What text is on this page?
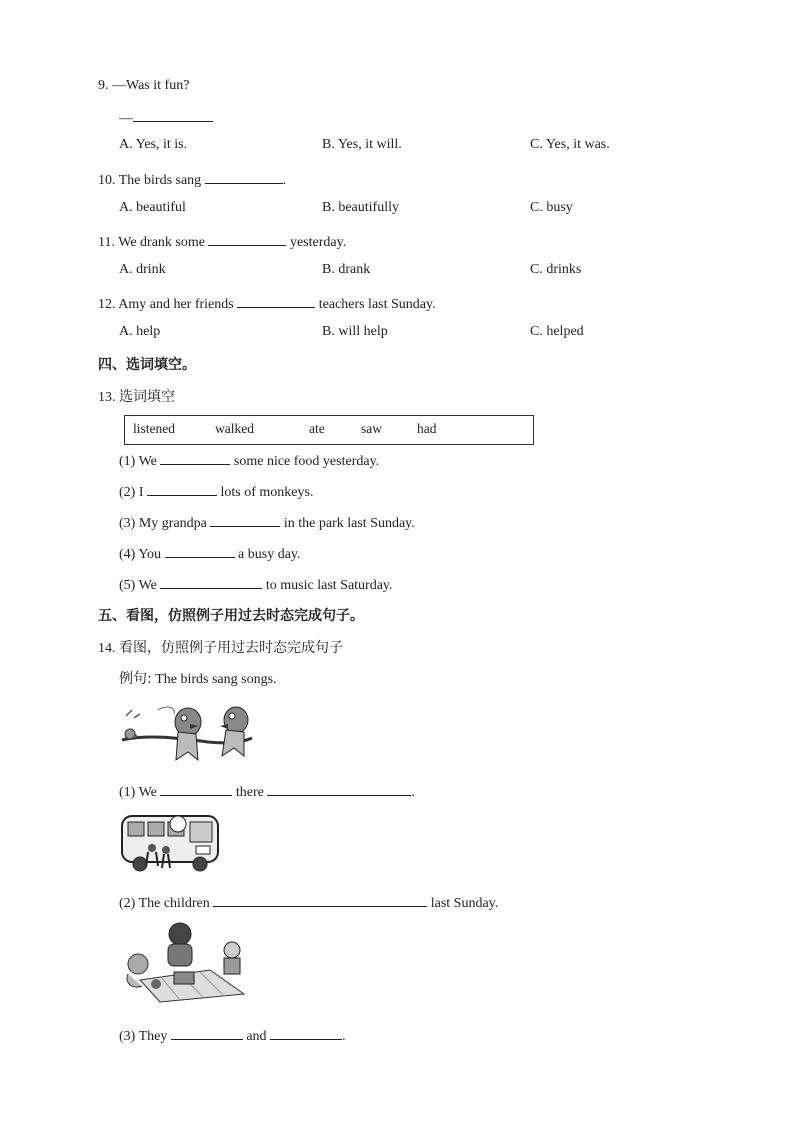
9. —Was it fun?
—
A. Yes, it is.	B. Yes, it will.	C. Yes, it was.
10. The birds sang	.
A. beautiful	B. beautifully	C. busy
11. We drank some	yesterday.
A. drink	B. drank	C. drinks
12. Amy and her friends	teachers last Sunday.
A. help	B. will help	C. helped
四、选词填空。
13. 选词填空
listened	walked	ate	saw	had
(1) We	some nice food yesterday.
(2) I	lots of monkeys.
(3) My grandpa	in the park last Sunday.
(4) You	a busy day.
(5) We	to music last Saturday.
五、看图，仿照例子用过去时态完成句子。
14. 看图，仿照例子用过去时态完成句子
例句: The birds sang songs.
(1) We	there	.
(2) The children	last Sunday.
(3) They	and	.
